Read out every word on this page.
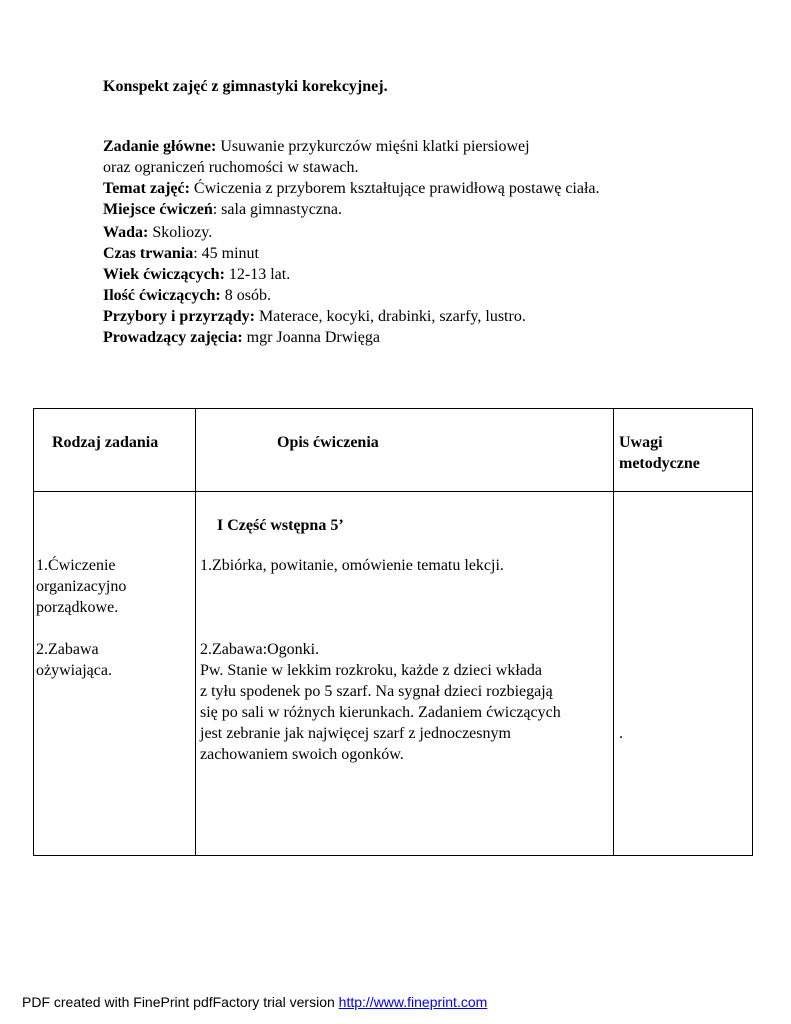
Konspekt zajęć z gimnastyki korekcyjnej.
Zadanie główne: Usuwanie przykurczów mięśni klatki piersiowej
oraz ograniczeń ruchomości w stawach.
Temat zajęć: Ćwiczenia z przyborem kształtujące prawidłową postawę ciała.
Miejsce ćwiczeń: sala gimnastyczna.
Wada: Skoliozy.
Czas trwania: 45 minut
Wiek ćwiczących: 12-13 lat.
Ilość ćwiczących: 8 osób.
Przybory i przyrządy: Materace, kocyki, drabinki, szarfy, lustro.
Prowadzący zajęcia: mgr Joanna Drwięga
Rodzaj zadania	Opis ćwiczenia	Uwagi
metodyczne
I Część wstępna 5’
1.Ćwiczenie
organizacyjno
porządkowe.
1.Zbiórka, powitanie, omówienie tematu lekcji.
2.Zabawa
ożywiająca.
2.Zabawa:Ogonki.
Pw. Stanie w lekkim rozkroku, każde z dzieci wkłada
z tyłu spodenek po 5 szarf. Na sygnał dzieci rozbiegają
się po sali w różnych kierunkach. Zadaniem ćwiczących
jest zebranie jak najwięcej szarf z jednoczesnym
zachowaniem swoich ogonków.
.
PDF created with FinePrint pdfFactory trial version http://www.fineprint.com
